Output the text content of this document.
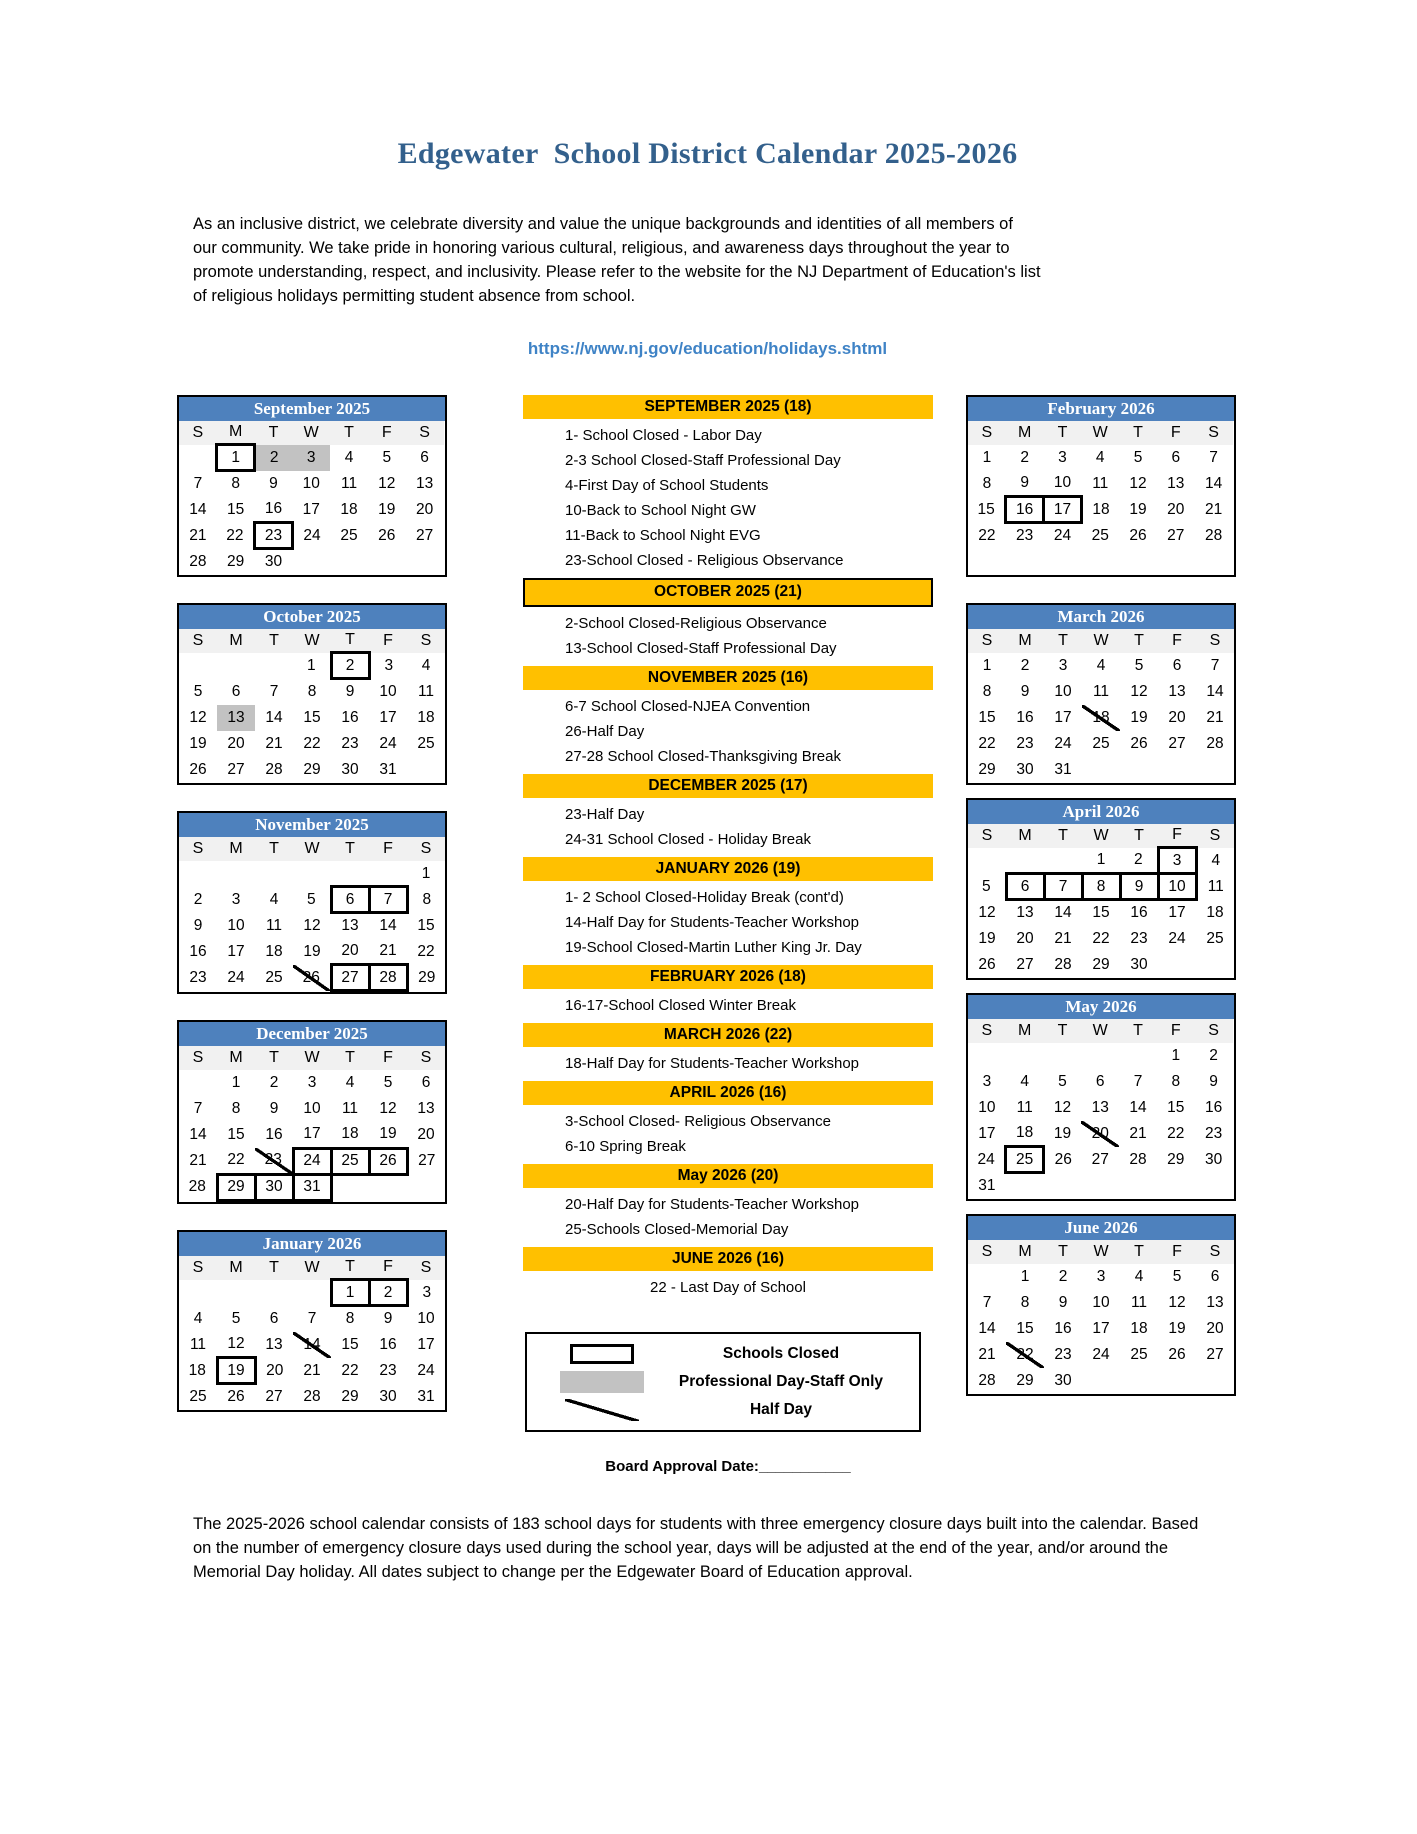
Edgewater  School District Calendar 2025-2026

As an inclusive district, we celebrate diversity and value the unique backgrounds and identities of all members of our community. We take pride in honoring various cultural, religious, and awareness days throughout the year to promote understanding, respect, and inclusivity. Please refer to the website for the NJ Department of Education's list of religious holidays permitting student absence from school.

https://www.nj.gov/education/holidays.shtml
September 2025
S	M	T	W	T	F	S
	1	2	3	4	5	6
7	8	9	10	11	12	13
14	15	16	17	18	19	20
21	22	23	24	25	26	27
28	29	30				
October 2025
S	M	T	W	T	F	S
			1	2	3	4
5	6	7	8	9	10	11
12	13	14	15	16	17	18
19	20	21	22	23	24	25
26	27	28	29	30	31	
November 2025
S	M	T	W	T	F	S
						1
2	3	4	5	6	7	8
9	10	11	12	13	14	15
16	17	18	19	20	21	22
23	24	25	26	27	28	29
December 2025
S	M	T	W	T	F	S
	1	2	3	4	5	6
7	8	9	10	11	12	13
14	15	16	17	18	19	20
21	22	23	24	25	26	27
28	29	30	31			
January 2026
S	M	T	W	T	F	S
				1	2	3
4	5	6	7	8	9	10
11	12	13	14	15	16	17
18	19	20	21	22	23	24
25	26	27	28	29	30	31
SEPTEMBER 2025 (18)
1- School Closed - Labor Day
2-3 School Closed-Staff Professional Day
4-First Day of School Students
10-Back to School Night GW
11-Back to School Night EVG
23-School Closed - Religious Observance
OCTOBER 2025 (21)
2-School Closed-Religious Observance
13-School Closed-Staff Professional Day
NOVEMBER 2025 (16)
6-7 School Closed-NJEA Convention
26-Half Day
27-28 School Closed-Thanksgiving Break
DECEMBER 2025 (17)
23-Half Day
24-31 School Closed - Holiday Break
JANUARY 2026 (19)
1- 2 School Closed-Holiday Break (cont'd)
14-Half Day for Students-Teacher Workshop
19-School Closed-Martin Luther King Jr. Day
FEBRUARY 2026 (18)
16-17-School Closed Winter Break
MARCH 2026 (22)
18-Half Day for Students-Teacher Workshop
APRIL 2026 (16)
3-School Closed- Religious Observance
6-10 Spring Break
May 2026 (20)
20-Half Day for Students-Teacher Workshop
25-Schools Closed-Memorial Day
JUNE 2026 (16)
22 - Last Day of School
Schools Closed
Professional Day-Staff Only
Half Day
Board Approval Date:___________
February 2026
S	M	T	W	T	F	S
1	2	3	4	5	6	7
8	9	10	11	12	13	14
15	16	17	18	19	20	21
22	23	24	25	26	27	28

March 2026
S	M	T	W	T	F	S
1	2	3	4	5	6	7
8	9	10	11	12	13	14
15	16	17	18	19	20	21
22	23	24	25	26	27	28
29	30	31				
April 2026
S	M	T	W	T	F	S
			1	2	3	4
5	6	7	8	9	10	11
12	13	14	15	16	17	18
19	20	21	22	23	24	25
26	27	28	29	30		
May 2026
S	M	T	W	T	F	S
					1	2
3	4	5	6	7	8	9
10	11	12	13	14	15	16
17	18	19	20	21	22	23
24	25	26	27	28	29	30
31						
June 2026
S	M	T	W	T	F	S
	1	2	3	4	5	6
7	8	9	10	11	12	13
14	15	16	17	18	19	20
21	22	23	24	25	26	27
28	29	30				

The 2025-2026 school calendar consists of 183 school days for students with three emergency closure days built into the calendar. Based on the number of emergency closure days used during the school year, days will be adjusted at the end of the year, and/or around the Memorial Day holiday. All dates subject to change per the Edgewater Board of Education approval.
